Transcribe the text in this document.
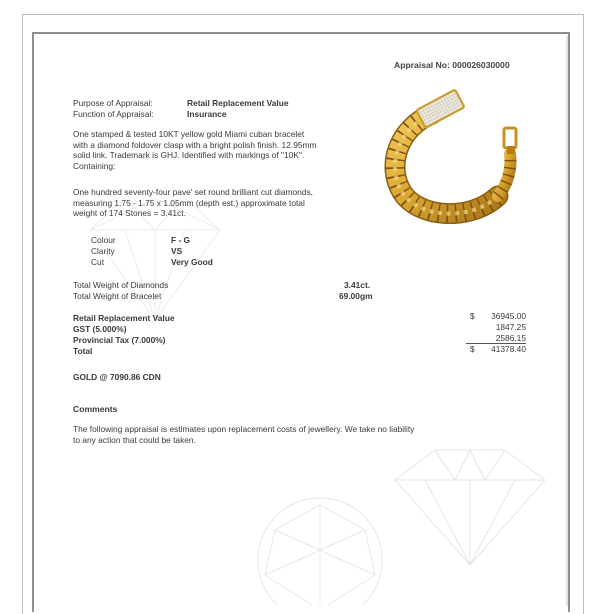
Appraisal No: 000026030000
Purpose of Appraisal:	Retail Replacement Value
Function of Appraisal:	Insurance
One stamped & tested 10KT yellow gold Miami cuban bracelet
with a diamond foldover clasp with a bright polish finish. 12.95mm
solid link. Trademark is GHJ. Identified with markings of "10K".
Containing:
One hundred seventy-four pave' set round brilliant cut diamonds,
measuring 1.75 - 1.75 x 1.05mm (depth est.) approximate total
weight of 174 Stones = 3.41ct.
Colour	F - G
Clarity	VS
Cut	Very Good
Total Weight of Diamonds	3.41ct.
Total Weight of Bracelet	69.00gm
Retail Replacement Value	$ 36945.00
GST (5.000%)	1847.25
Provincial Tax (7.000%)	2586.15
Total	$ 41378.40
GOLD @ 7090.86 CDN
Comments
The following appraisal is estimates upon replacement costs of jewellery. We take no liability
to any action that could be taken.
